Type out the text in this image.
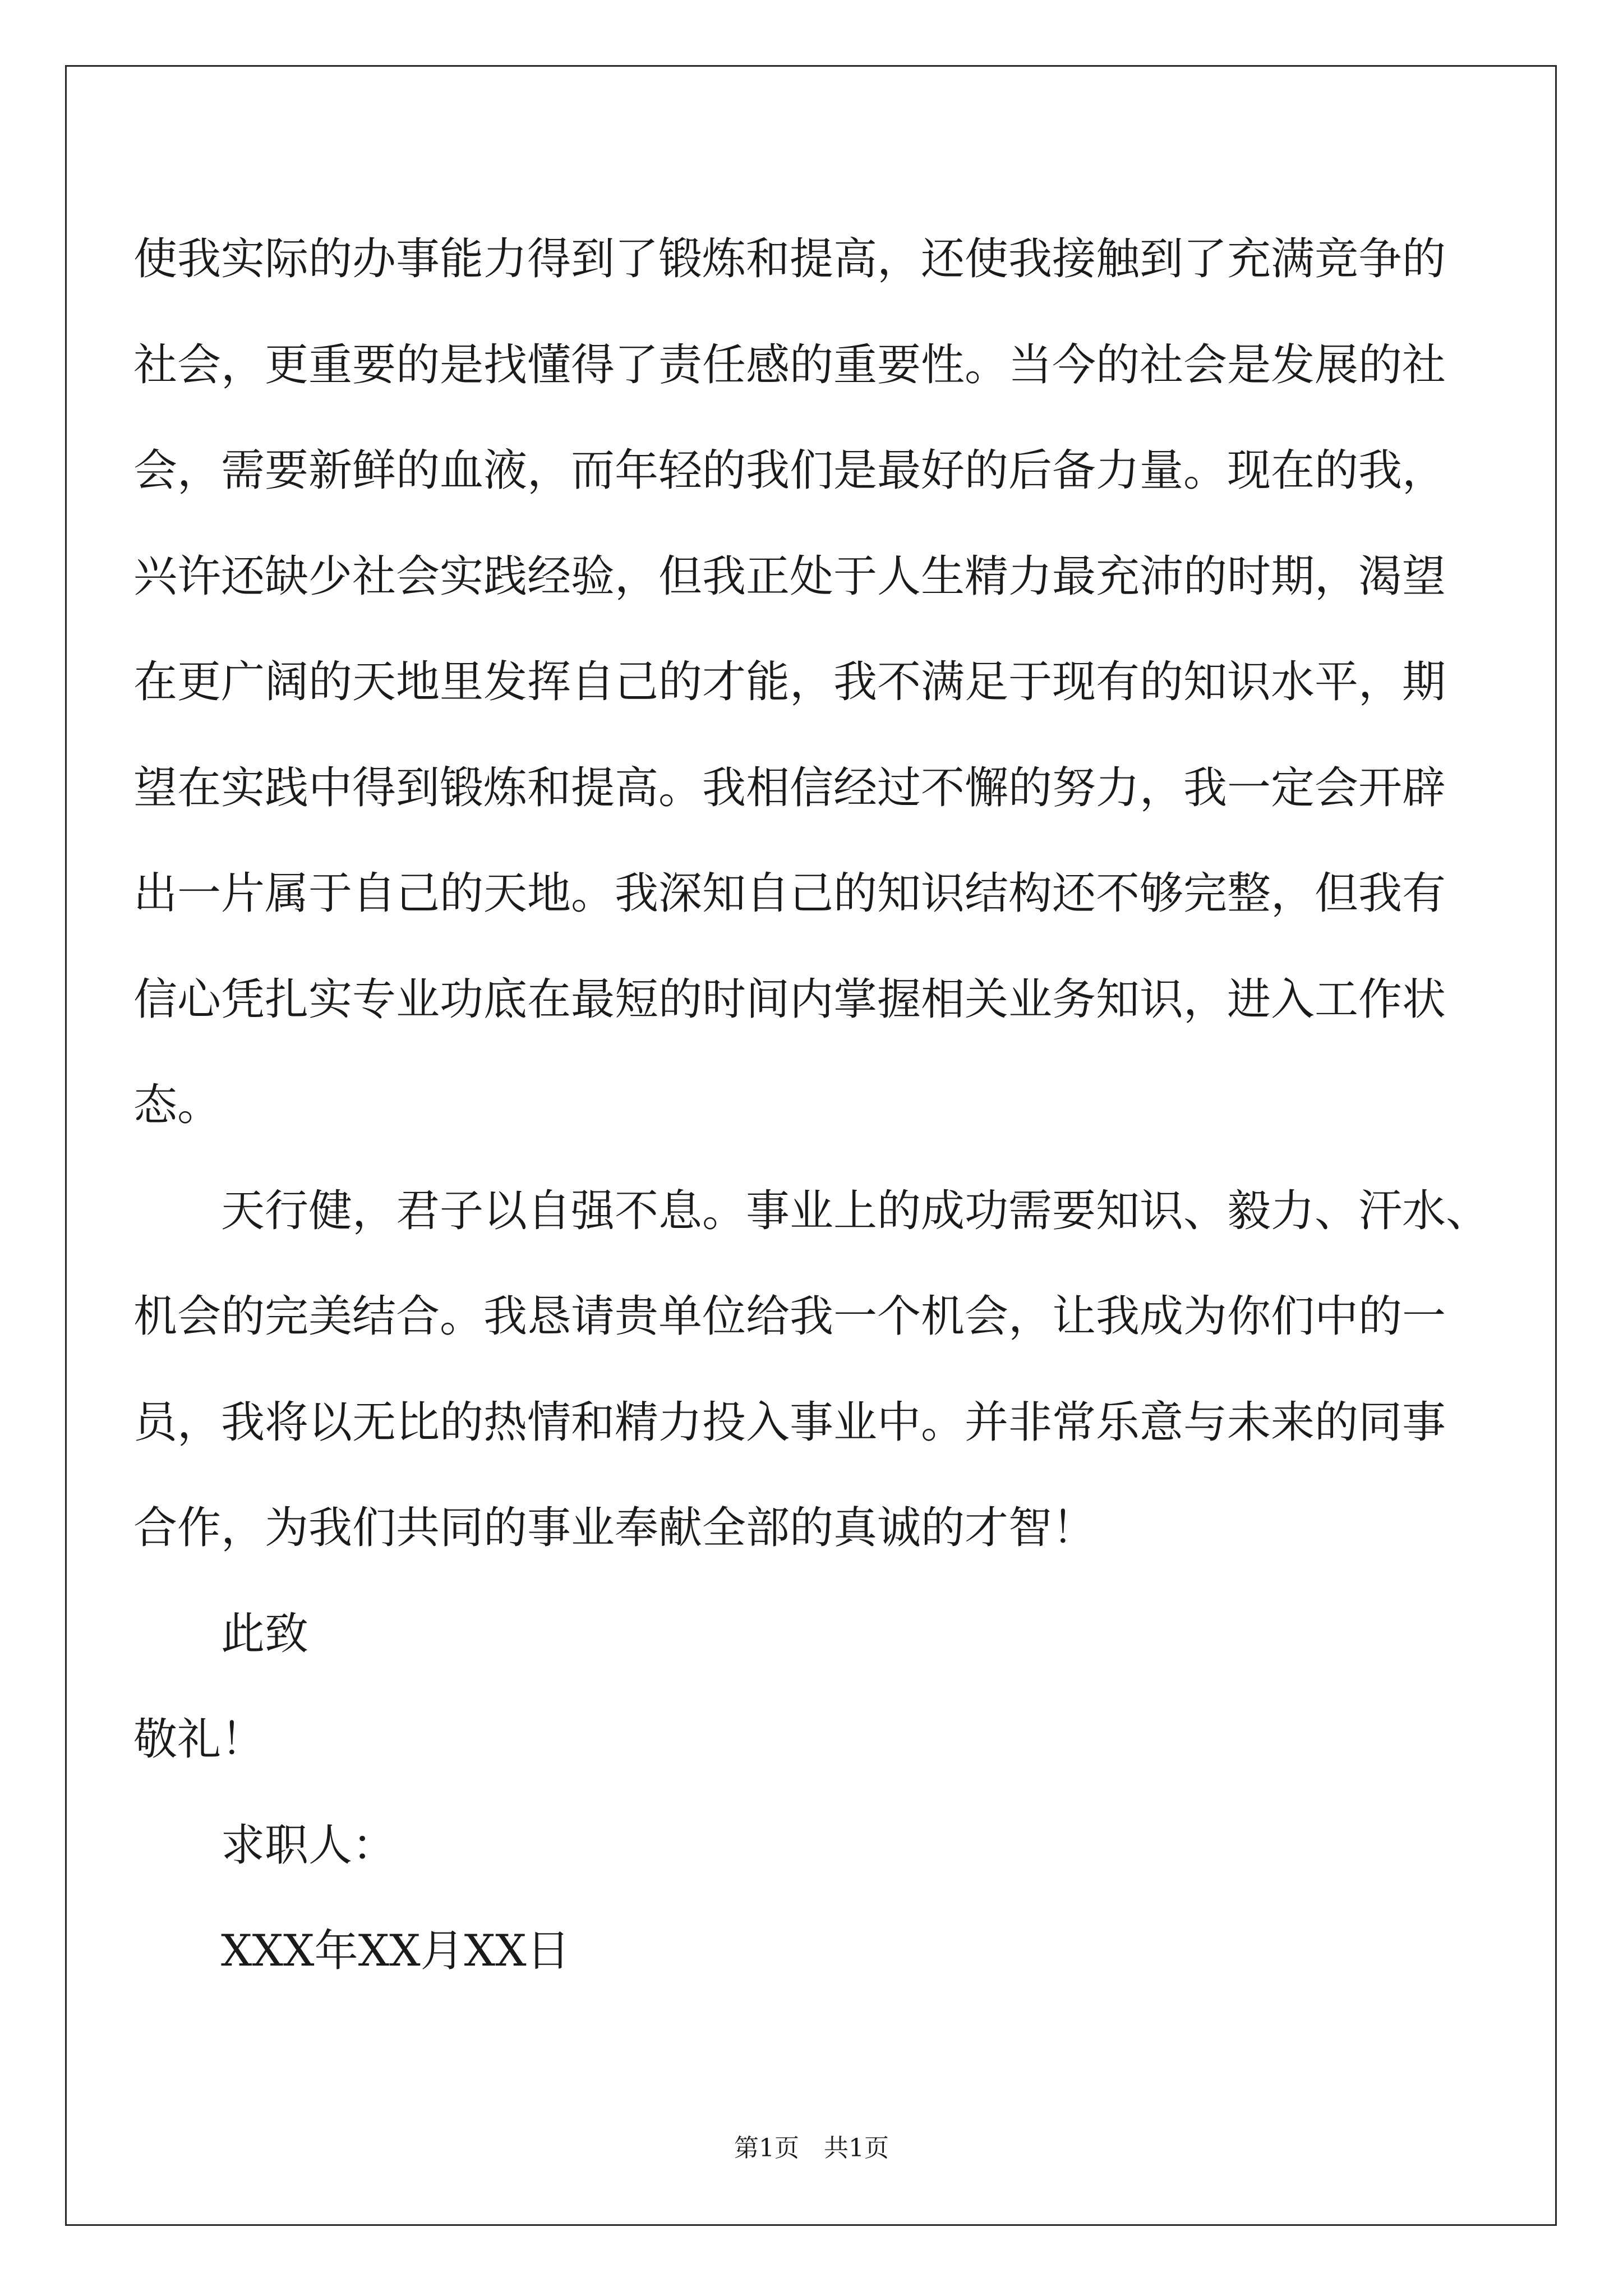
使我实际的办事能力得到了锻炼和提高，还使我接触到了充满竞争的
社会，更重要的是找懂得了责任感的重要性。当今的社会是发展的社
会，需要新鲜的血液，而年轻的我们是最好的后备力量。现在的我，
兴许还缺少社会实践经验，但我正处于人生精力最充沛的时期，渴望
在更广阔的天地里发挥自己的才能，我不满足于现有的知识水平，期
望在实践中得到锻炼和提高。我相信经过不懈的努力，我一定会开辟
出一片属于自己的天地。我深知自己的知识结构还不够完整，但我有
信心凭扎实专业功底在最短的时间内掌握相关业务知识，进入工作状
态。
天行健，君子以自强不息。事业上的成功需要知识、毅力、汗水、
机会的完美结合。我恳请贵单位给我一个机会，让我成为你们中的一
员，我将以无比的热情和精力投入事业中。并非常乐意与未来的同事
合作，为我们共同的事业奉献全部的真诚的才智！
此致
敬礼！
求职人：
XXX年XX月XX日
第1页 共1页
